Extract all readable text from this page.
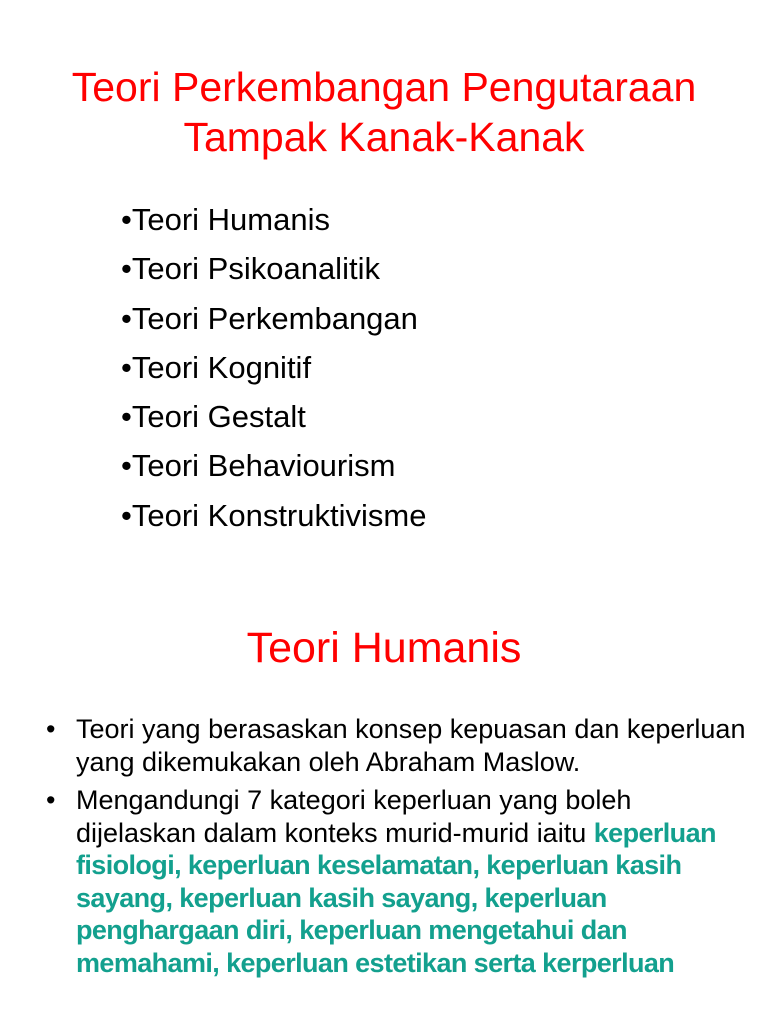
Teori Perkembangan Pengutaraan
Tampak Kanak-Kanak
•Teori Humanis
•Teori Psikoanalitik
•Teori Perkembangan
•Teori Kognitif
•Teori Gestalt
•Teori Behaviourism
•Teori Konstruktivisme
Teori Humanis
• Teori yang berasaskan konsep kepuasan dan keperluan yang dikemukakan oleh Abraham Maslow.
• Mengandungi 7 kategori keperluan yang boleh dijelaskan dalam konteks murid-murid iaitu keperluan fisiologi, keperluan keselamatan, keperluan kasih sayang, keperluan kasih sayang, keperluan penghargaan diri, keperluan mengetahui dan memahami, keperluan estetikan serta kerperluan
